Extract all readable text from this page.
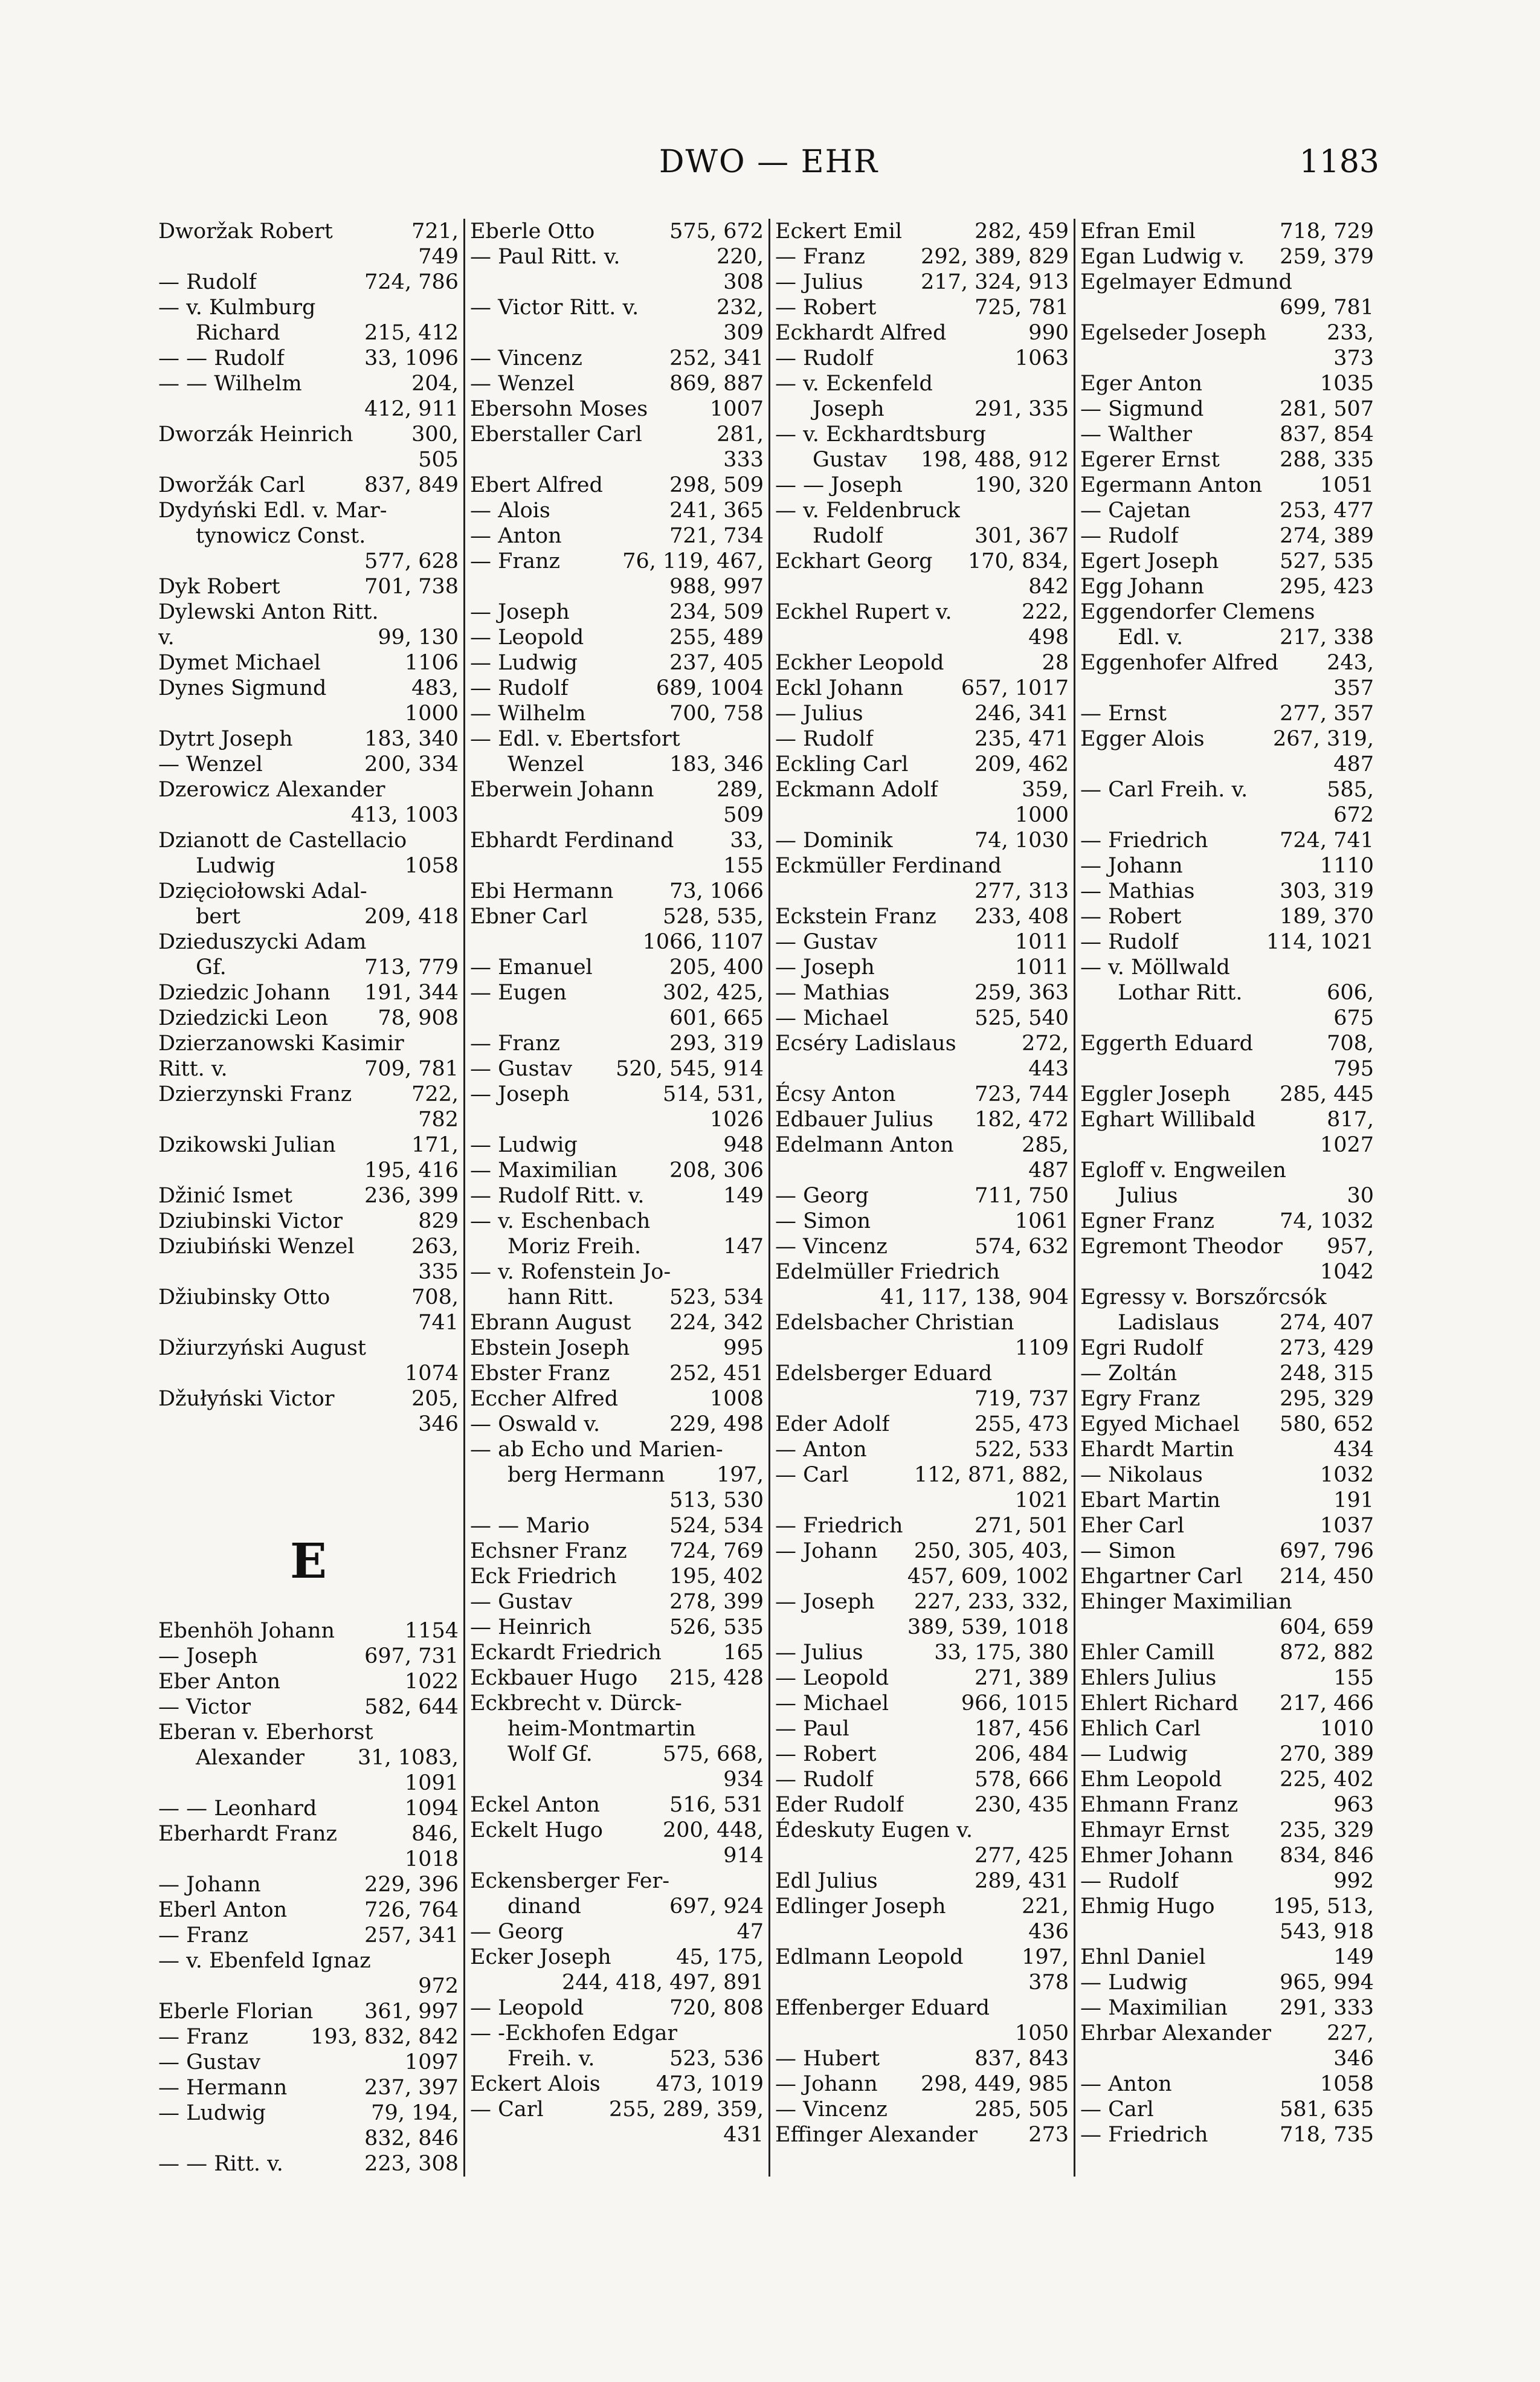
DWO — EHR	1183
Dworžak Robert	721,
749
— Rudolf	724, 786
— v. Kulmburg
Richard	215, 412
— — Rudolf	33, 1096
— — Wilhelm	204,
412, 911
Dworzák Heinrich	300,
505
Dworžák Carl	837, 849
Dydyński Edl. v. Mar-
tynowicz Const.
577, 628
Dyk Robert	701, 738
Dylewski Anton Ritt.
v.	99, 130
Dymet Michael	1106
Dynes Sigmund	483,
1000
Dytrt Joseph	183, 340
— Wenzel	200, 334
Dzerowicz Alexander
413, 1003
Dzianott de Castellacio
Ludwig	1058
Dzięciołowski Adal-
bert	209, 418
Dzieduszycki Adam
Gf.	713, 779
Dziedzic Johann 191, 344
Dziedzicki Leon 78, 908
Dzierzanowski Kasimir
Ritt. v.	709, 781
Dzierzynski Franz	722,
782
Dzikowski Julian	171,
195, 416
Džinić Ismet	236, 399
Dziubinski Victor	829
Dziubiński Wenzel	263,
335
Džiubinsky Otto	708,
741
Džiurzyński August
1074
Džułyński Victor	205,
346
E
Ebenhöh Johann	1154
— Joseph	697, 731
Eber Anton	1022
— Victor	582, 644
Eberan v. Eberhorst
Alexander	31, 1083,
1091
— — Leonhard	1094
Eberhardt Franz	846,
1018
— Johann	229, 396
Eberl Anton	726, 764
— Franz	257, 341
— v. Ebenfeld Ignaz
972
Eberle Florian 361, 997
— Franz	193, 832, 842
— Gustav	1097
— Hermann	237, 397
— Ludwig	79, 194,
832, 846
— — Ritt. v.	223, 308
Eberle Otto	575, 672
— Paul Ritt. v.	220,
308
— Victor Ritt. v.	232,
309
— Vincenz	252, 341
— Wenzel	869, 887
Ebersohn Moses	1007
Eberstaller Carl	281,
333
Ebert Alfred	298, 509
— Alois	241, 365
— Anton	721, 734
— Franz	76, 119, 467,
988, 997
— Joseph	234, 509
— Leopold	255, 489
— Ludwig	237, 405
— Rudolf	689, 1004
— Wilhelm	700, 758
— Edl. v. Ebertsfort
Wenzel	183, 346
Eberwein Johann	289,
509
Ebhardt Ferdinand	33,
155
Ebi Hermann	73, 1066
Ebner Carl	528, 535,
1066, 1107
— Emanuel	205, 400
— Eugen	302, 425,
601, 665
— Franz	293, 319
— Gustav 520, 545, 914
— Joseph	514, 531,
1026
— Ludwig	948
— Maximilian 208, 306
— Rudolf Ritt. v.	149
— v. Eschenbach
Moriz Freih.	147
— v. Rofenstein Jo-
hann Ritt.	523, 534
Ebrann August 224, 342
Ebstein Joseph	995
Ebster Franz	252, 451
Eccher Alfred	1008
— Oswald v.	229, 498
— ab Echo und Marien-
berg Hermann 197,
513, 530
— — Mario	524, 534
Echsner Franz 724, 769
Eck Friedrich 195, 402
— Gustav	278, 399
— Heinrich	526, 535
Eckardt Friedrich	165
Eckbauer Hugo 215, 428
Eckbrecht v. Dürck-
heim-Montmartin
Wolf Gf.	575, 668,
934
Eckel Anton	516, 531
Eckelt Hugo	200, 448,
914
Eckensberger Fer-
dinand	697, 924
— Georg	47
Ecker Joseph	45, 175,
244, 418, 497, 891
— Leopold	720, 808
— -Eckhofen Edgar
Freih. v.	523, 536
Eckert Alois	473, 1019
— Carl	255, 289, 359,
431
Eckert Emil	282, 459
— Franz	292, 389, 829
— Julius	217, 324, 913
— Robert	725, 781
Eckhardt Alfred	990
— Rudolf	1063
— v. Eckenfeld
Joseph	291, 335
— v. Eckhardtsburg
Gustav 198, 488, 912
— — Joseph	190, 320
— v. Feldenbruck
Rudolf	301, 367
Eckhart Georg 170, 834,
842
Eckhel Rupert v.	222,
498
Eckher Leopold	28
Eckl Johann	657, 1017
— Julius	246, 341
— Rudolf	235, 471
Eckling Carl	209, 462
Eckmann Adolf	359,
1000
— Dominik	74, 1030
Eckmüller Ferdinand
277, 313
Eckstein Franz 233, 408
— Gustav	1011
— Joseph	1011
— Mathias	259, 363
— Michael	525, 540
Ecséry Ladislaus	272,
443
Écsy Anton	723, 744
Edbauer Julius 182, 472
Edelmann Anton	285,
487
— Georg	711, 750
— Simon	1061
— Vincenz	574, 632
Edelmüller Friedrich
41, 117, 138, 904
Edelsbacher Christian
1109
Edelsberger Eduard
719, 737
Eder Adolf	255, 473
— Anton	522, 533
— Carl	112, 871, 882,
1021
— Friedrich	271, 501
— Johann 250, 305, 403,
457, 609, 1002
— Joseph 227, 233, 332,
389, 539, 1018
— Julius	33, 175, 380
— Leopold	271, 389
— Michael	966, 1015
— Paul	187, 456
— Robert	206, 484
— Rudolf	578, 666
Eder Rudolf	230, 435
Édeskuty Eugen v.
277, 425
Edl Julius	289, 431
Edlinger Joseph	221,
436
Edlmann Leopold	197,
378
Effenberger Eduard
1050
— Hubert	837, 843
— Johann 298, 449, 985
— Vincenz	285, 505
Effinger Alexander 273
Efran Emil	718, 729
Egan Ludwig v. 259, 379
Egelmayer Edmund
699, 781
Egelseder Joseph	233,
373
Eger Anton	1035
— Sigmund	281, 507
— Walther	837, 854
Egerer Ernst	288, 335
Egermann Anton	1051
— Cajetan	253, 477
— Rudolf	274, 389
Egert Joseph	527, 535
Egg Johann	295, 423
Eggendorfer Clemens
Edl. v.	217, 338
Eggenhofer Alfred 243,
357
— Ernst	277, 357
Egger Alois	267, 319,
487
— Carl Freih. v.	585,
672
— Friedrich	724, 741
— Johann	1110
— Mathias	303, 319
— Robert	189, 370
— Rudolf	114, 1021
— v. Möllwald
Lothar Ritt.	606,
675
Eggerth Eduard	708,
795
Eggler Joseph 285, 445
Eghart Willibald	817,
1027
Egloff v. Engweilen
Julius	30
Egner Franz	74, 1032
Egremont Theodor 957,
1042
Egressy v. Borszőrcsók
Ladislaus	274, 407
Egri Rudolf	273, 429
— Zoltán	248, 315
Egry Franz	295, 329
Egyed Michael 580, 652
Ehardt Martin	434
— Nikolaus	1032
Ebart Martin	191
Eher Carl	1037
— Simon	697, 796
Ehgartner Carl 214, 450
Ehinger Maximilian
604, 659
Ehler Camill	872, 882
Ehlers Julius	155
Ehlert Richard 217, 466
Ehlich Carl	1010
— Ludwig	270, 389
Ehm Leopold	225, 402
Ehmann Franz	963
Ehmayr Ernst 235, 329
Ehmer Johann 834, 846
— Rudolf	992
Ehmig Hugo	195, 513,
543, 918
Ehnl Daniel	149
— Ludwig	965, 994
— Maximilian 291, 333
Ehrbar Alexander	227,
346
— Anton	1058
— Carl	581, 635
— Friedrich	718, 735
